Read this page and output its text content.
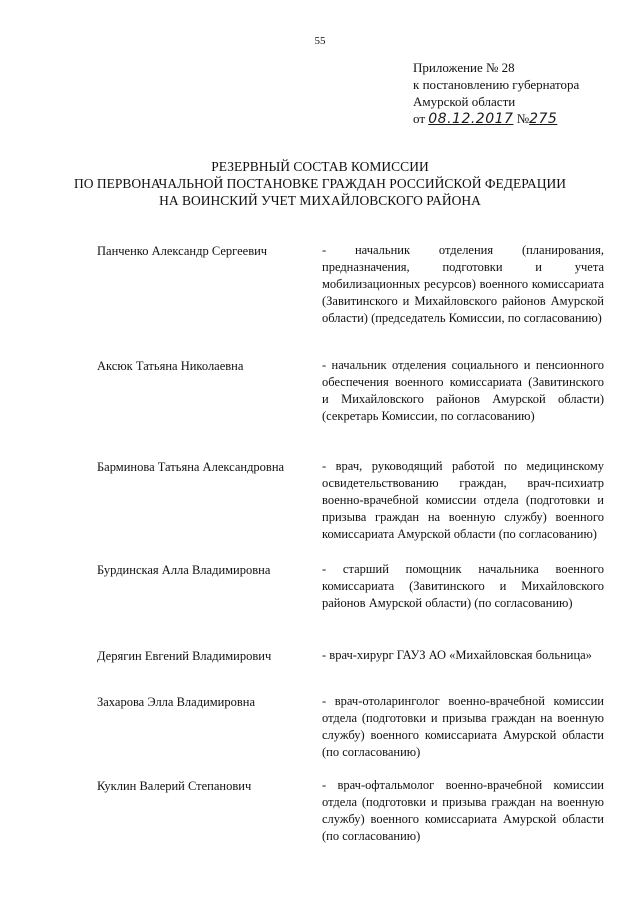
55
Приложение № 28
к постановлению губернатора
Амурской области
от 08.12.2017 №275
РЕЗЕРВНЫЙ СОСТАВ КОМИССИИ
ПО ПЕРВОНАЧАЛЬНОЙ ПОСТАНОВКЕ ГРАЖДАН РОССИЙСКОЙ ФЕДЕРАЦИИ
НА ВОИНСКИЙ УЧЕТ МИХАЙЛОВСКОГО РАЙОНА
Панченко Александр Сергеевич	- начальник отделения (планирования, предназначения, подготовки и учета мобилизационных ресурсов) военного комиссариата (Завитинского и Михайловского районов Амурской области) (председатель Комиссии, по согласованию)
Аксюк Татьяна Николаевна	- начальник отделения социального и пенсионного обеспечения военного комиссариата (Завитинского и Михайловского районов Амурской области) (секретарь Комиссии, по согласованию)
Барминова Татьяна Александровна	- врач, руководящий работой по медицинскому освидетельствованию граждан, врач-психиатр военно-врачебной комиссии отдела (подготовки и призыва граждан на военную службу) военного комиссариата Амурской области (по согласованию)
Бурдинская Алла Владимировна	- старший помощник начальника военного комиссариата (Завитинского и Михайловского районов Амурской области) (по согласованию)
Дерягин Евгений Владимирович	- врач-хирург ГАУЗ АО «Михайловская больница»
Захарова Элла Владимировна	- врач-отоларинголог военно-врачебной комиссии отдела (подготовки и призыва граждан на военную службу) военного комиссариата Амурской области (по согласованию)
Куклин Валерий Степанович	- врач-офтальмолог военно-врачебной комиссии отдела (подготовки и призыва граждан на военную службу) военного комиссариата Амурской области (по согласованию)
